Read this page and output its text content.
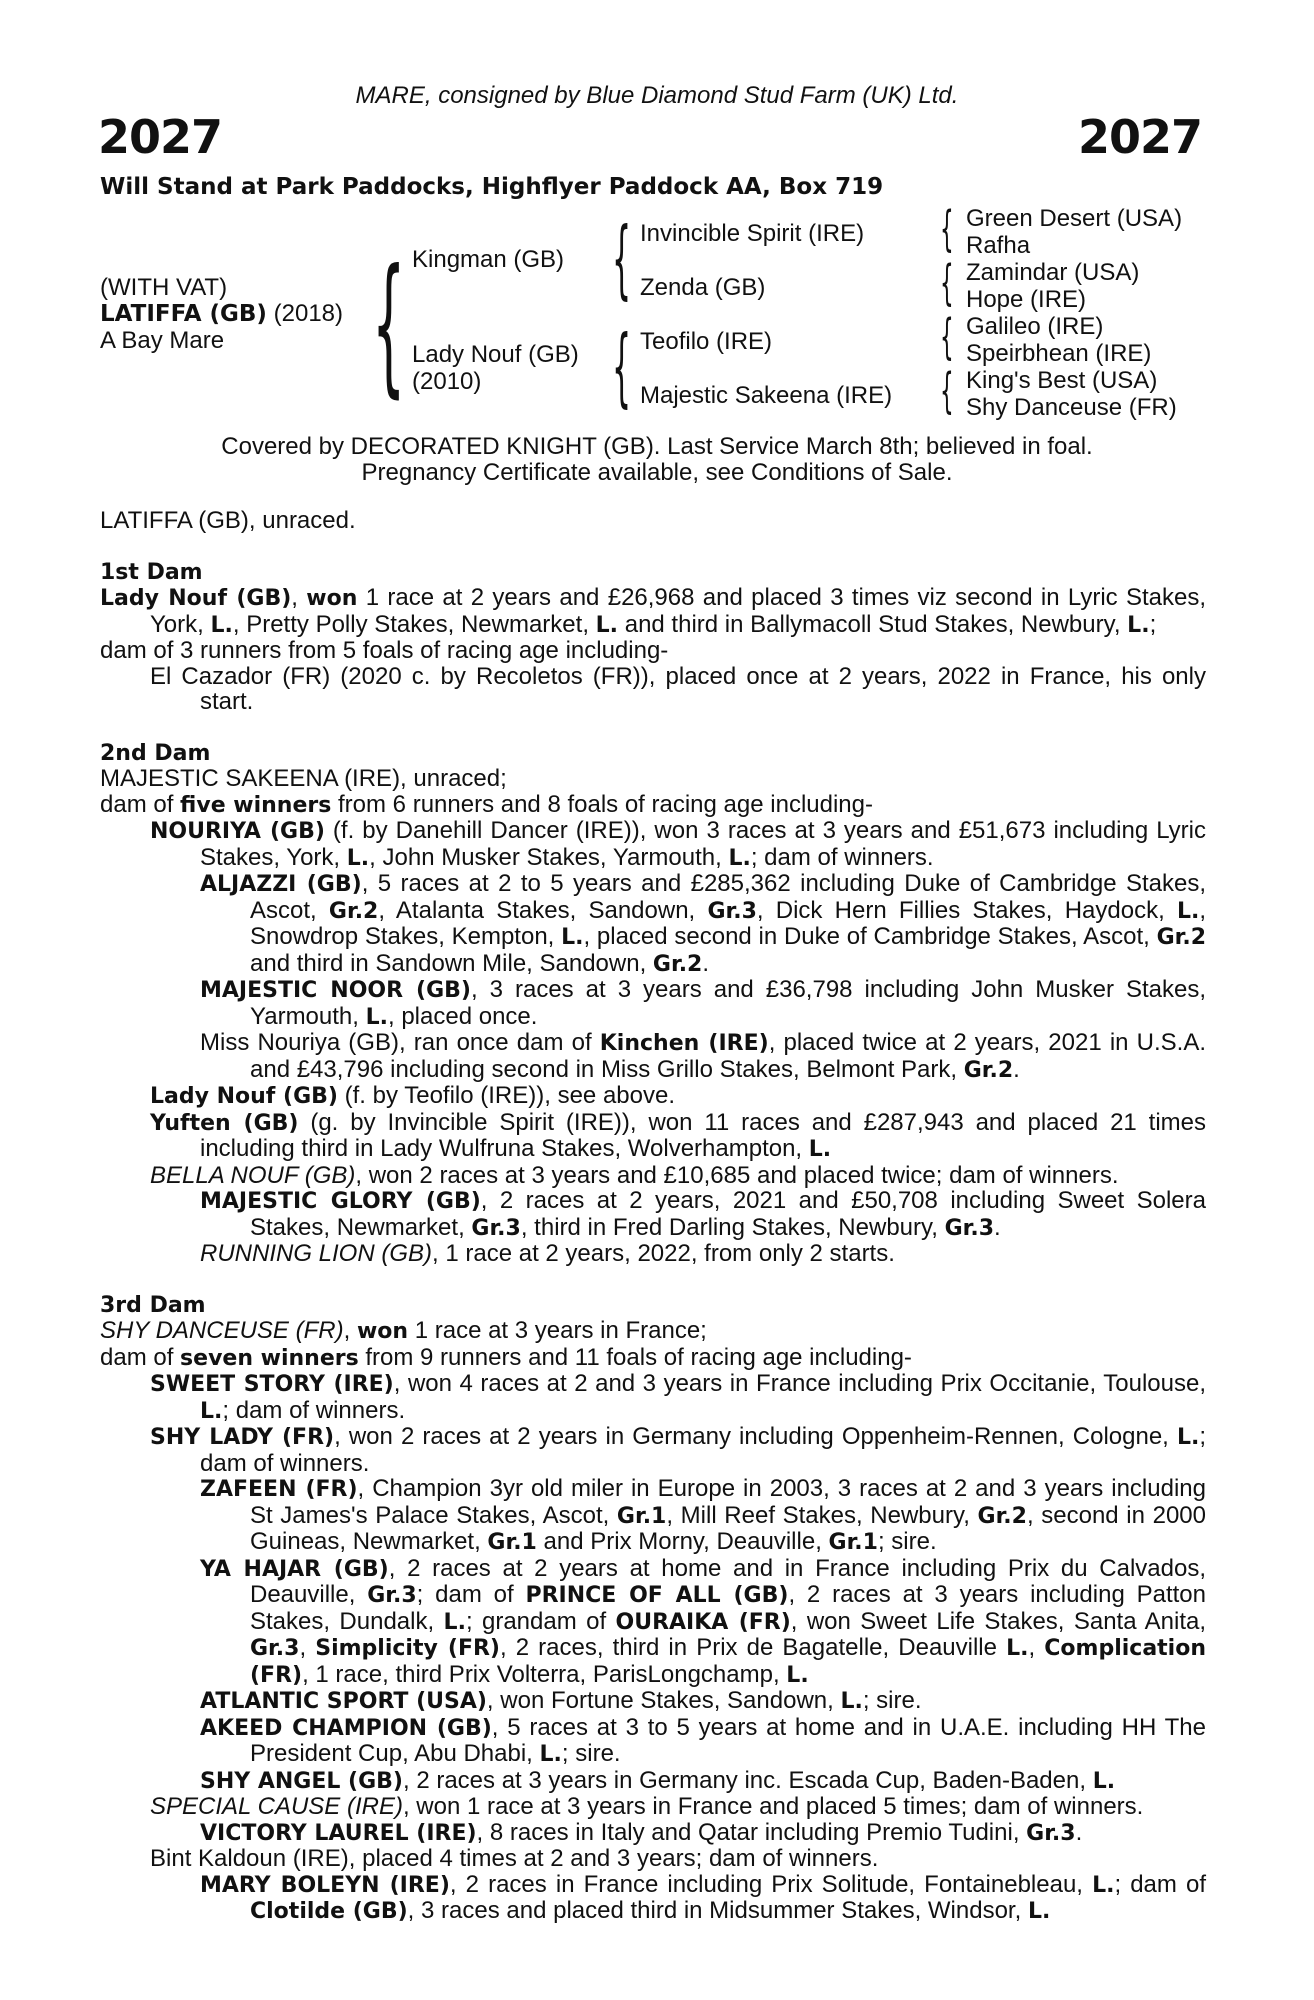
MARE, consigned by Blue Diamond Stud Farm (UK) Ltd.
2027	2027
Will Stand at Park Paddocks, Highflyer Paddock AA, Box 719
(WITH VAT)
LATIFFA (GB) (2018)
A Bay Mare { Kingman (GB)
Lady Nouf (GB)
(2010)
{
{
Invincible Spirit (IRE)
Zenda (GB)
Teofilo (IRE)
Majestic Sakeena (IRE)
{
{
{
{
Green Desert (USA)
Rafha
Zamindar (USA)
Hope (IRE)
Galileo (IRE)
Speirbhean (IRE)
King's Best (USA)
Shy Danceuse (FR)
Covered by DECORATED KNIGHT (GB). Last Service March 8th; believed in foal.
Pregnancy Certificate available, see Conditions of Sale.

LATIFFA (GB), unraced.

1st Dam

Lady Nouf (GB), won 1 race at 2 years and £26,968 and placed 3 times viz second in Lyric Stakes, York, L., Pretty Polly Stakes, Newmarket, L. and third in Ballymacoll Stud Stakes, Newbury, L.;

dam of 3 runners from 5 foals of racing age including-

El Cazador (FR) (2020 c. by Recoletos (FR)), placed once at 2 years, 2022 in France, his only start.

2nd Dam

MAJESTIC SAKEENA (IRE), unraced;

dam of five winners from 6 runners and 8 foals of racing age including-

NOURIYA (GB) (f. by Danehill Dancer (IRE)), won 3 races at 3 years and £51,673 including Lyric Stakes, York, L., John Musker Stakes, Yarmouth, L.; dam of winners.

ALJAZZI (GB), 5 races at 2 to 5 years and £285,362 including Duke of Cambridge Stakes, Ascot, Gr.2, Atalanta Stakes, Sandown, Gr.3, Dick Hern Fillies Stakes, Haydock, L., Snowdrop Stakes, Kempton, L., placed second in Duke of Cambridge Stakes, Ascot, Gr.2 and third in Sandown Mile, Sandown, Gr.2.

MAJESTIC NOOR (GB), 3 races at 3 years and £36,798 including John Musker Stakes, Yarmouth, L., placed once.

Miss Nouriya (GB), ran once dam of Kinchen (IRE), placed twice at 2 years, 2021 in U.S.A. and £43,796 including second in Miss Grillo Stakes, Belmont Park, Gr.2.

Lady Nouf (GB) (f. by Teofilo (IRE)), see above.

Yuften (GB) (g. by Invincible Spirit (IRE)), won 11 races and £287,943 and placed 21 times including third in Lady Wulfruna Stakes, Wolverhampton, L.

BELLA NOUF (GB), won 2 races at 3 years and £10,685 and placed twice; dam of winners.

MAJESTIC GLORY (GB), 2 races at 2 years, 2021 and £50,708 including Sweet Solera Stakes, Newmarket, Gr.3, third in Fred Darling Stakes, Newbury, Gr.3.

RUNNING LION (GB), 1 race at 2 years, 2022, from only 2 starts.

3rd Dam

SHY DANCEUSE (FR), won 1 race at 3 years in France;

dam of seven winners from 9 runners and 11 foals of racing age including-

SWEET STORY (IRE), won 4 races at 2 and 3 years in France including Prix Occitanie, Toulouse, L.; dam of winners.

SHY LADY (FR), won 2 races at 2 years in Germany including Oppenheim-Rennen, Cologne, L.; dam of winners.

ZAFEEN (FR), Champion 3yr old miler in Europe in 2003, 3 races at 2 and 3 years including St James's Palace Stakes, Ascot, Gr.1, Mill Reef Stakes, Newbury, Gr.2, second in 2000 Guineas, Newmarket, Gr.1 and Prix Morny, Deauville, Gr.1; sire.

YA HAJAR (GB), 2 races at 2 years at home and in France including Prix du Calvados, Deauville, Gr.3; dam of PRINCE OF ALL (GB), 2 races at 3 years including Patton Stakes, Dundalk, L.; grandam of OURAIKA (FR), won Sweet Life Stakes, Santa Anita, Gr.3, Simplicity (FR), 2 races, third in Prix de Bagatelle, Deauville L., Complication (FR), 1 race, third Prix Volterra, ParisLongchamp, L.

ATLANTIC SPORT (USA), won Fortune Stakes, Sandown, L.; sire.

AKEED CHAMPION (GB), 5 races at 3 to 5 years at home and in U.A.E. including HH The President Cup, Abu Dhabi, L.; sire.

SHY ANGEL (GB), 2 races at 3 years in Germany inc. Escada Cup, Baden-Baden, L.

SPECIAL CAUSE (IRE), won 1 race at 3 years in France and placed 5 times; dam of winners.

VICTORY LAUREL (IRE), 8 races in Italy and Qatar including Premio Tudini, Gr.3.

Bint Kaldoun (IRE), placed 4 times at 2 and 3 years; dam of winners.

MARY BOLEYN (IRE), 2 races in France including Prix Solitude, Fontainebleau, L.; dam of Clotilde (GB), 3 races and placed third in Midsummer Stakes, Windsor, L.
